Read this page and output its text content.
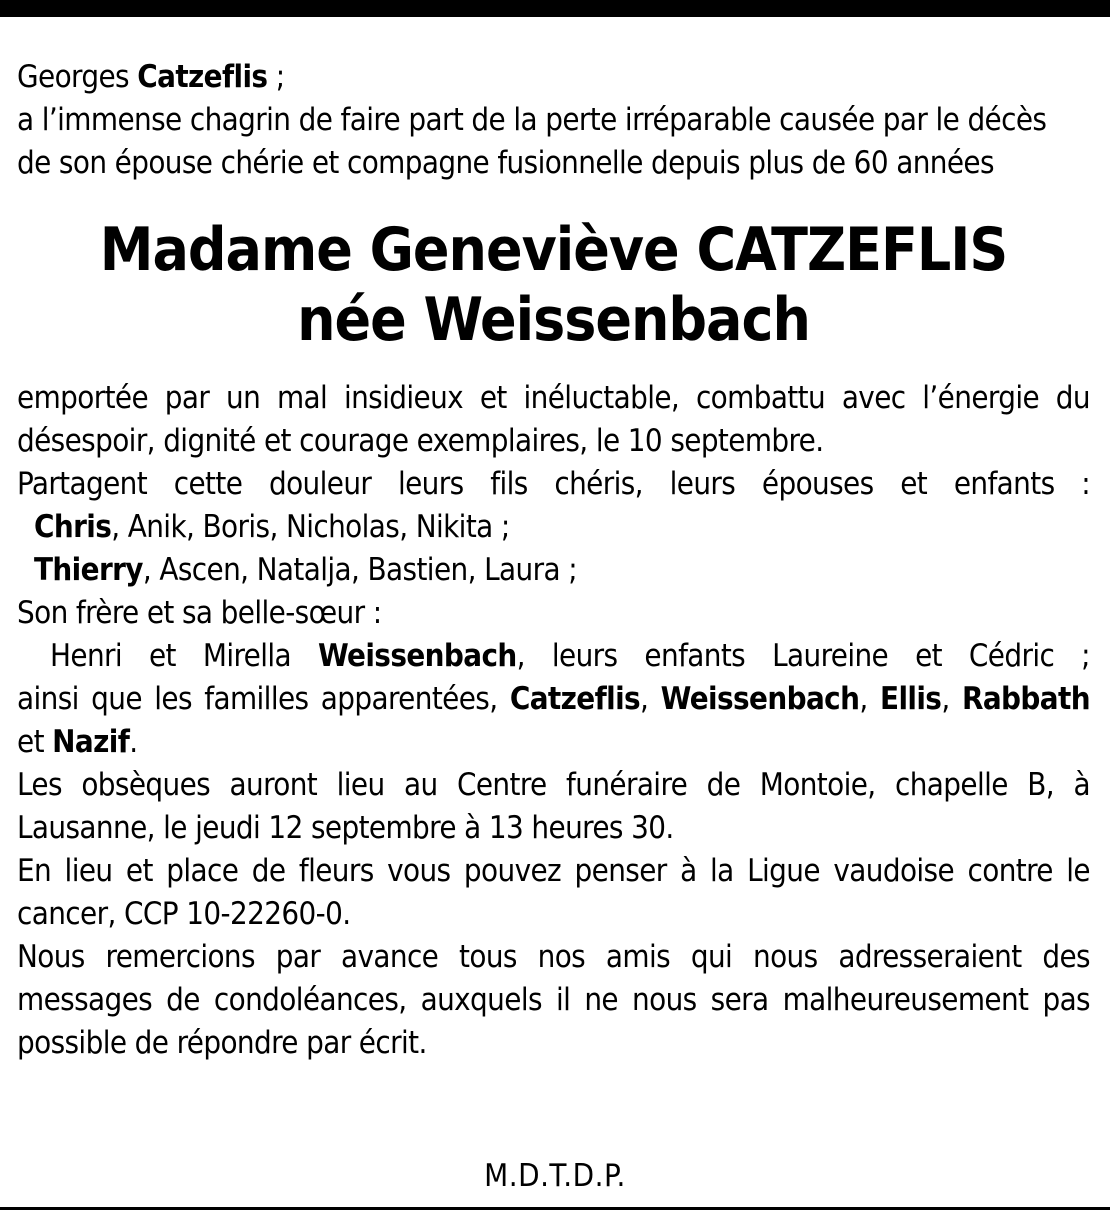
Georges Catzeflis ;

a l’immense chagrin de faire part de la perte irréparable causée par le décès de son épouse chérie et compagne fusionnelle depuis plus de 60 années

Madame Geneviève CATZEFLIS
née Weissenbach

emportée par un mal insidieux et inéluctable, combattu avec l’énergie du désespoir, dignité et courage exemplaires, le 10 septembre.

Partagent cette douleur leurs fils chéris, leurs épouses et enfants :

Chris, Anik, Boris, Nicholas, Nikita ;

Thierry, Ascen, Natalja, Bastien, Laura ;

Son frère et sa belle-sœur :

Henri et Mirella Weissenbach, leurs enfants Laureine et Cédric ;

ainsi que les familles apparentées, Catzeflis, Weissenbach, Ellis, Rabbath et Nazif.

Les obsèques auront lieu au Centre funéraire de Montoie, chapelle B, à Lausanne, le jeudi 12 septembre à 13 heures 30.

En lieu et place de fleurs vous pouvez penser à la Ligue vaudoise contre le cancer, CCP 10-22260-0.

Nous remercions par avance tous nos amis qui nous adresseraient des messages de condoléances, auxquels il ne nous sera malheureusement pas possible de répondre par écrit.

M.D.T.D.P.
